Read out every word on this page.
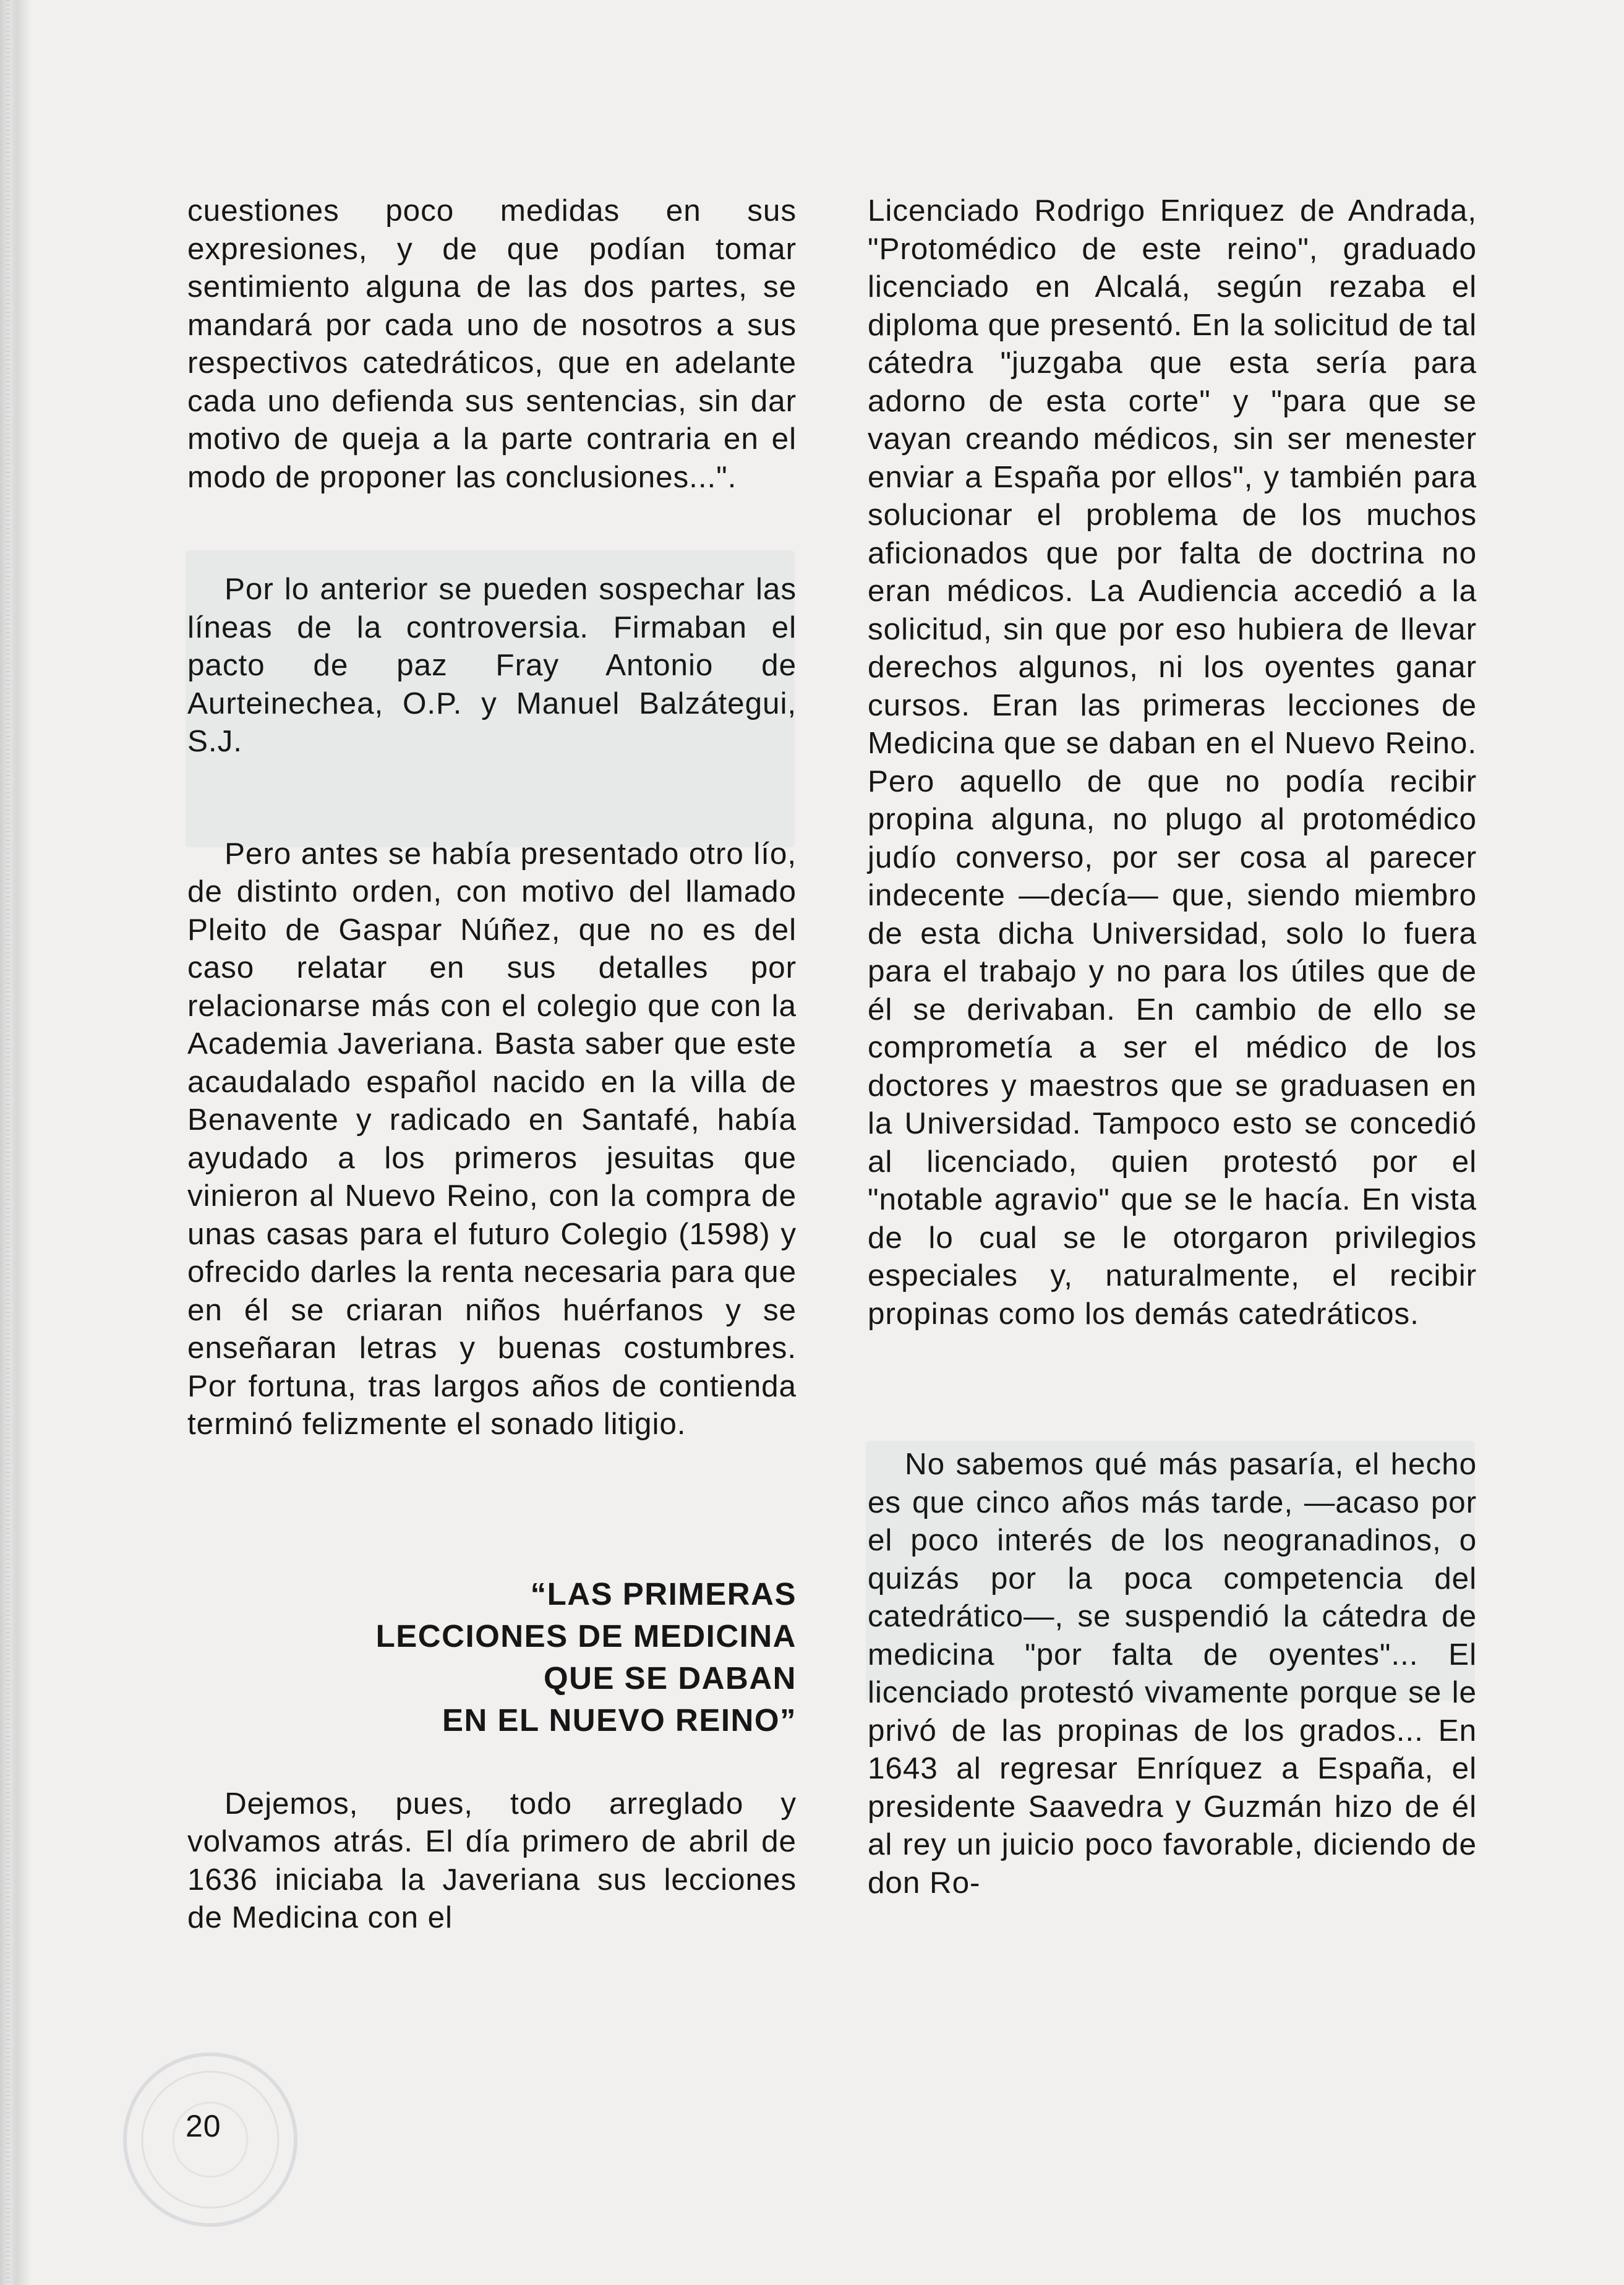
cuestiones poco medidas en sus expresiones, y de que podían tomar sentimiento alguna de las dos partes, se mandará por cada uno de nosotros a sus respectivos catedráticos, que en adelante cada uno defienda sus sentencias, sin dar motivo de queja a la parte contraria en el modo de proponer las conclusiones...".

Por lo anterior se pueden sospechar las líneas de la controversia. Firmaban el pacto de paz Fray Antonio de Aurteinechea, O.P. y Manuel Balzátegui, S.J.

Pero antes se había presentado otro lío, de distinto orden, con motivo del llamado Pleito de Gaspar Núñez, que no es del caso relatar en sus detalles por relacionarse más con el colegio que con la Academia Javeriana. Basta saber que este acaudalado español nacido en la villa de Benavente y radicado en Santafé, había ayudado a los primeros jesuitas que vinieron al Nuevo Reino, con la compra de unas casas para el futuro Colegio (1598) y ofrecido darles la renta necesaria para que en él se criaran niños huérfanos y se enseñaran letras y buenas costumbres. Por fortuna, tras largos años de contienda terminó felizmente el sonado litigio.

“LAS PRIMERAS
LECCIONES DE MEDICINA
QUE SE DABAN
EN EL NUEVO REINO”

Dejemos, pues, todo arreglado y volvamos atrás. El día primero de abril de 1636 iniciaba la Javeriana sus lecciones de Medicina con el

Licenciado Rodrigo Enriquez de Andrada, "Protomédico de este reino", graduado licenciado en Alcalá, según rezaba el diploma que presentó. En la solicitud de tal cátedra "juzgaba que esta sería para adorno de esta corte" y "para que se vayan creando médicos, sin ser menester enviar a España por ellos", y también para solucionar el problema de los muchos aficionados que por falta de doctrina no eran médicos. La Audiencia accedió a la solicitud, sin que por eso hubiera de llevar derechos algunos, ni los oyentes ganar cursos. Eran las primeras lecciones de Medicina que se daban en el Nuevo Reino. Pero aquello de que no podía recibir propina alguna, no plugo al protomédico judío converso, por ser cosa al parecer indecente —decía— que, siendo miembro de esta dicha Universidad, solo lo fuera para el trabajo y no para los útiles que de él se derivaban. En cambio de ello se comprometía a ser el médico de los doctores y maestros que se graduasen en la Universidad. Tampoco esto se concedió al licenciado, quien protestó por el "notable agravio" que se le hacía. En vista de lo cual se le otorgaron privilegios especiales y, naturalmente, el recibir propinas como los demás catedráticos.

No sabemos qué más pasaría, el hecho es que cinco años más tarde, —acaso por el poco interés de los neogranadinos, o quizás por la poca competencia del catedrático—, se suspendió la cátedra de medicina "por falta de oyentes"... El licenciado protestó vivamente porque se le privó de las propinas de los grados... En 1643 al regresar Enríquez a España, el presidente Saavedra y Guzmán hizo de él al rey un juicio poco favorable, diciendo de don Ro-

20
